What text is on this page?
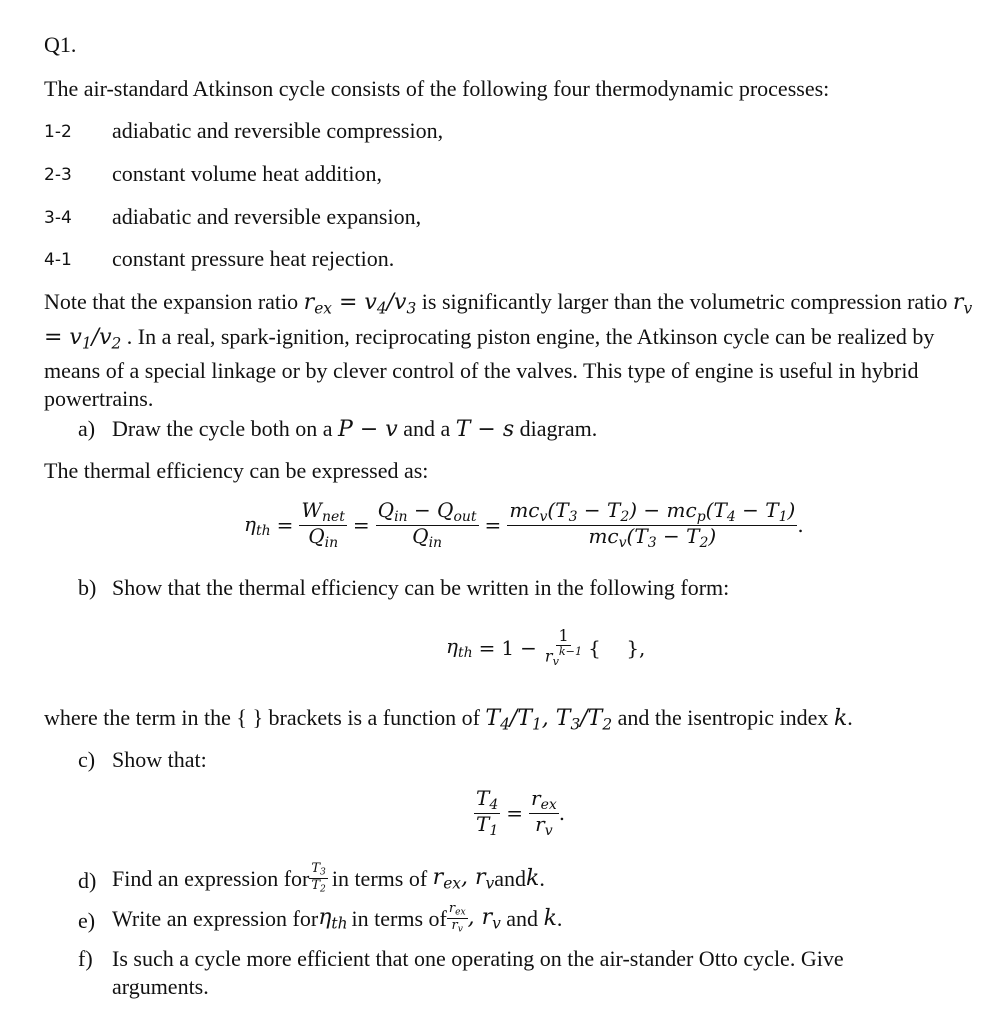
Q1.
The air-standard Atkinson cycle consists of the following four thermodynamic processes:
1-2 adiabatic and reversible compression,
2-3 constant volume heat addition,
3-4 adiabatic and reversible expansion,
4-1 constant pressure heat rejection.
Note that the expansion ratio $r_{ex} = v_4/v_3$ is significantly larger than the volumetric compression ratio $r_v = v_1/v_2$ . In a real, spark-ignition, reciprocating piston engine, the Atkinson cycle can be realized by means of a special linkage or by clever control of the valves. This type of engine is useful in hybrid powertrains.
a) Draw the cycle both on a P − v and a T − s diagram.
The thermal efficiency can be expressed as:
$\eta_{th} = \frac{W_{net}}{Q_{in}} = \frac{Q_{in} - Q_{out}}{Q_{in}} = \frac{mc_v(T_3 - T_2) - mc_p(T_4 - T_1)}{mc_v(T_3 - T_2)}$ .
b) Show that the thermal efficiency can be written in the following form:
$\eta_{th} = 1 - \frac{1}{r_v^{k-1}}$ {    },
where the term in the { } brackets is a function of $T_4/T_1$, $T_3/T_2$ and the isentropic index k.
c) Show that:
$\frac{T_4}{T_1} = \frac{r_{ex}}{r_v}$ .
d) Find an expression for $\frac{T_3}{T_2}$ in terms of
$r_{ex}$, $r_v$ and k .
e) Write an expression for $\eta_{th}$ in terms of $\frac{r_{ex}}{r_v}$ , $r_v$ and k .
f) Is such a cycle more efficient that one operating on the air-stander Otto cycle. Give
arguments.
